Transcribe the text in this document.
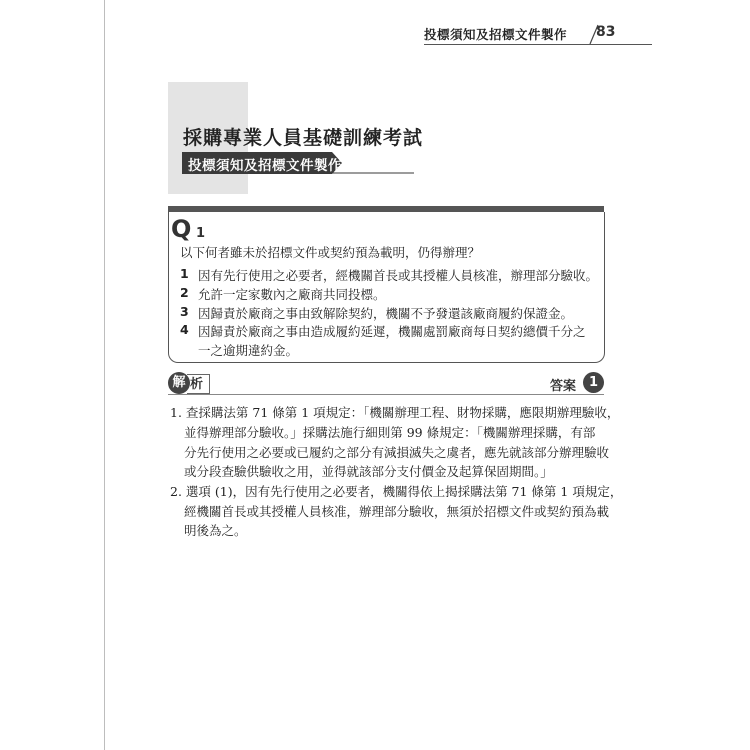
投標須知及招標文件製作 83
採購專業人員基礎訓練考試
投標須知及招標文件製作
Q 1
以下何者雖未於招標文件或契約預為載明，仍得辦理？
1 因有先行使用之必要者，經機關首長或其授權人員核准，辦理部分驗收。
2 允許一定家數內之廠商共同投標。
3 因歸責於廠商之事由致解除契約，機關不予發還該廠商履約保證金。
4 因歸責於廠商之事由造成履約延遲，機關處罰廠商每日契約總價千分之
一之逾期違約金。
解 析	答案 1
1. 查採購法第 71 條第 1 項規定：「機關辦理工程、財物採購，應限期辦理驗收，
並得辦理部分驗收。」採購法施行細則第 99 條規定：「機關辦理採購，有部
分先行使用之必要或已履約之部分有減損滅失之虞者，應先就該部分辦理驗收
或分段查驗供驗收之用，並得就該部分支付價金及起算保固期間。」
2. 選項 (1)，因有先行使用之必要者，機關得依上揭採購法第 71 條第 1 項規定，
經機關首長或其授權人員核准，辦理部分驗收，無須於招標文件或契約預為載
明後為之。
